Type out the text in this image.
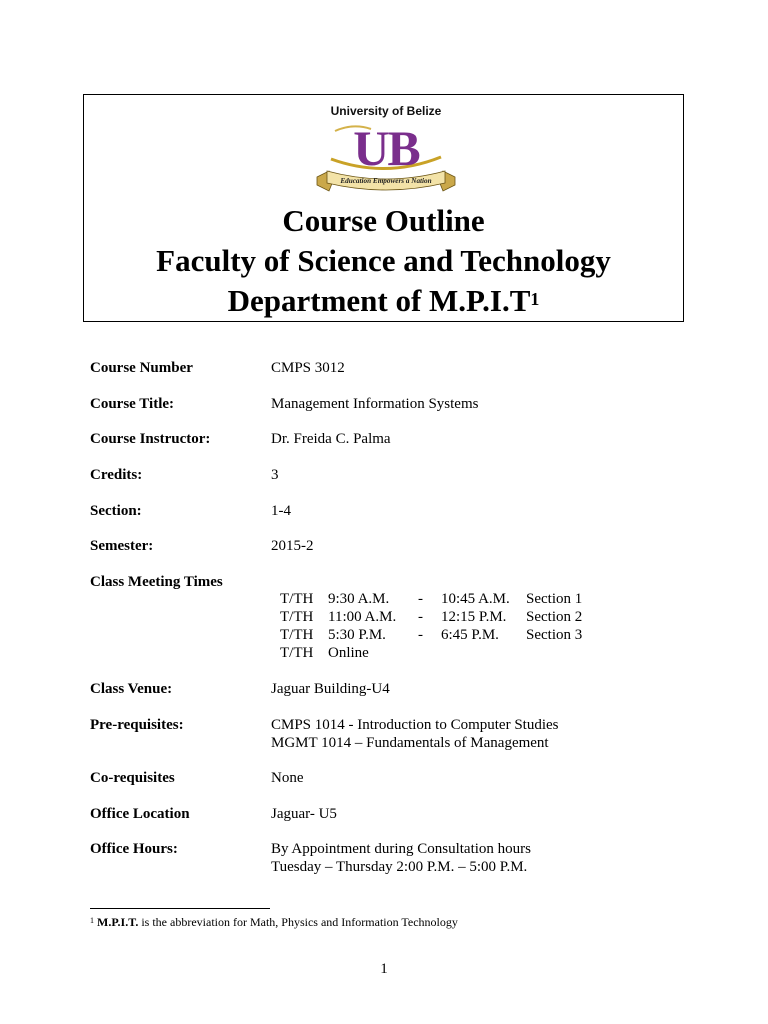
University of Belize
UB
Education Empowers a Nation
Course Outline
Faculty of Science and Technology
Department of $M.P.I.T^1$
Course Number	CMPS 3012
Course Title:	Management Information Systems
Course Instructor:	Dr. Freida C. Palma
Credits:	3
Section:	1-4
Semester:	2015-2
Class Meeting Times
T/TH 9:30 A.M. - 10:45 A.M. Section 1
T/TH 11:00 A.M. - 12:15 P.M. Section 2
T/TH 5:30 P.M. - 6:45 P.M. Section 3
T/TH Online
Class Venue:	Jaguar Building-U4
Pre-requisites:	CMPS 1014 - Introduction to Computer Studies
MGMT 1014 – Fundamentals of Management
Co-requisites	None
Office Location	Jaguar- U5
Office Hours:	By Appointment during Consultation hours
Tuesday – Thursday 2:00 P.M. – 5:00 P.M.
$^1$ M.P.I.T. is the abbreviation for Math, Physics and Information Technology
1
